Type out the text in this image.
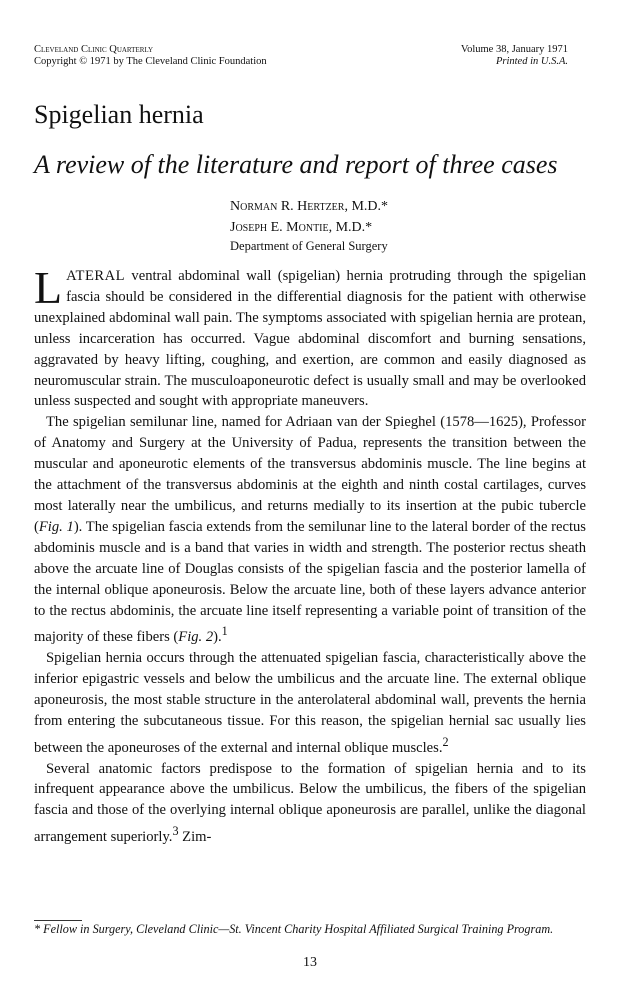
Cleveland Clinic Quarterly
Copyright © 1971 by The Cleveland Clinic Foundation
Volume 38, January 1971
Printed in U.S.A.
Spigelian hernia
A review of the literature and report of three cases
Norman R. Hertzer, M.D.*
Joseph E. Montie, M.D.*
Department of General Surgery

LATERAL ventral abdominal wall (spigelian) hernia protruding through the spigelian fascia should be considered in the differential diagnosis for the patient with otherwise unexplained abdominal wall pain. The symptoms associated with spigelian hernia are protean, unless incarceration has occurred. Vague abdominal discomfort and burning sensations, aggravated by heavy lifting, coughing, and exertion, are common and easily diagnosed as neuromuscular strain. The musculoaponeurotic defect is usually small and may be overlooked unless suspected and sought with appropriate maneuvers.

The spigelian semilunar line, named for Adriaan van der Spieghel (1578—1625), Professor of Anatomy and Surgery at the University of Padua, represents the transition between the muscular and aponeurotic elements of the transversus abdominis muscle. The line begins at the attachment of the transversus abdominis at the eighth and ninth costal cartilages, curves most laterally near the umbilicus, and returns medially to its insertion at the pubic tubercle (Fig. 1). The spigelian fascia extends from the semilunar line to the lateral border of the rectus abdominis muscle and is a band that varies in width and strength. The posterior rectus sheath above the arcuate line of Douglas consists of the spigelian fascia and the posterior lamella of the internal oblique aponeurosis. Below the arcuate line, both of these layers advance anterior to the rectus abdominis, the arcuate line itself representing a variable point of transition of the majority of these fibers (Fig. 2).$^1$

Spigelian hernia occurs through the attenuated spigelian fascia, characteristically above the inferior epigastric vessels and below the umbilicus and the arcuate line. The external oblique aponeurosis, the most stable structure in the anterolateral abdominal wall, prevents the hernia from entering the subcutaneous tissue. For this reason, the spigelian hernial sac usually lies between the aponeuroses of the external and internal oblique muscles.$^2$

Several anatomic factors predispose to the formation of spigelian hernia and to its infrequent appearance above the umbilicus. Below the umbilicus, the fibers of the spigelian fascia and those of the overlying internal oblique aponeurosis are parallel, unlike the diagonal arrangement superiorly.$^3$ Zim-

* Fellow in Surgery, Cleveland Clinic—St. Vincent Charity Hospital Affiliated Surgical Training Program.
13
